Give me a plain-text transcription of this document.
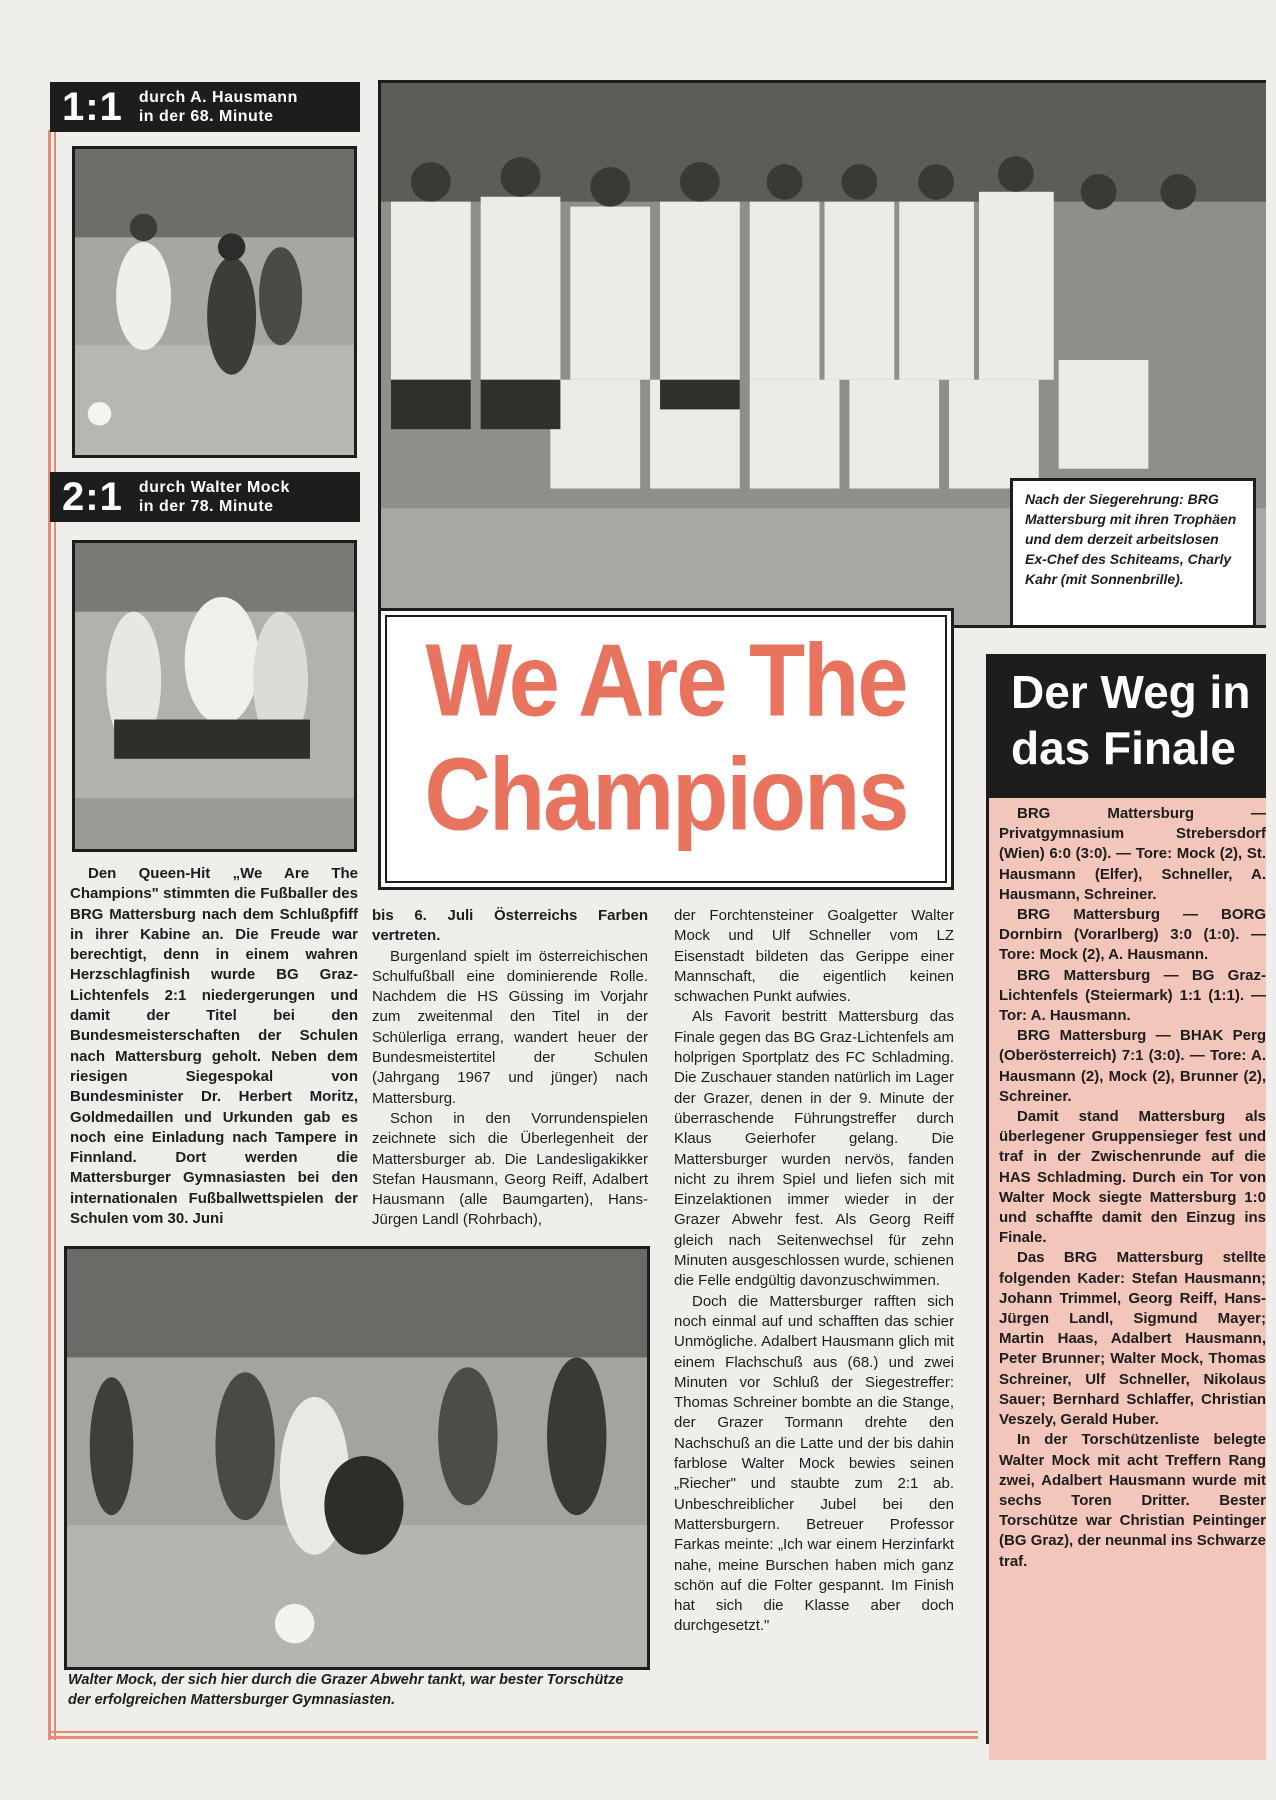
1:1	durch A. Hausmann
in der 68. Minute
2:1	durch Walter Mock
in der 78. Minute	Nach der Siegerehrung: BRG Mattersburg mit ihren Trophäen und dem derzeit arbeitslosen Ex-Chef des Schiteams, Charly Kahr (mit Sonnenbrille).
We Are The
Champions
Der Weg in
das Finale

BRG Mattersburg — Privatgymnasium Strebersdorf (Wien) 6:0 (3:0). — Tore: Mock (2), St. Hausmann (Elfer), Schneller, A. Hausmann, Schreiner.

BRG Mattersburg — BORG Dornbirn (Vorarlberg) 3:0 (1:0). — Tore: Mock (2), A. Hausmann.

BRG Mattersburg — BG Graz-Lichtenfels (Steiermark) 1:1 (1:1). — Tor: A. Hausmann.

BRG Mattersburg — BHAK Perg (Oberösterreich) 7:1 (3:0). — Tore: A. Hausmann (2), Mock (2), Brunner (2), Schreiner.

Damit stand Mattersburg als überlegener Gruppensieger fest und traf in der Zwischenrunde auf die HAS Schladming. Durch ein Tor von Walter Mock siegte Mattersburg 1:0 und schaffte damit den Einzug ins Finale.

Das BRG Mattersburg stellte folgenden Kader: Stefan Hausmann; Johann Trimmel, Georg Reiff, Hans-Jürgen Landl, Sigmund Mayer; Martin Haas, Adalbert Hausmann, Peter Brunner; Walter Mock, Thomas Schreiner, Ulf Schneller, Nikolaus Sauer; Bernhard Schlaffer, Christian Veszely, Gerald Huber.

In der Torschützenliste belegte Walter Mock mit acht Treffern Rang zwei, Adalbert Hausmann wurde mit sechs Toren Dritter. Bester Torschütze war Christian Peintinger (BG Graz), der neunmal ins Schwarze traf.

Den Queen-Hit „We Are The Champions" stimmten die Fußballer des BRG Mattersburg nach dem Schlußpfiff in ihrer Kabine an. Die Freude war berechtigt, denn in einem wahren Herzschlagfinish wurde BG Graz-Lichtenfels 2:1 niedergerungen und damit der Titel bei den Bundesmeisterschaften der Schulen nach Mattersburg geholt. Neben dem riesigen Siegespokal von Bundesminister Dr. Herbert Moritz, Goldmedaillen und Urkunden gab es noch eine Einladung nach Tampere in Finnland. Dort werden die Mattersburger Gymnasiasten bei den internationalen Fußballwettspielen der Schulen vom 30. Juni

bis 6. Juli Österreichs Farben vertreten.

Burgenland spielt im österreichischen Schulfußball eine dominierende Rolle. Nachdem die HS Güssing im Vorjahr zum zweitenmal den Titel in der Schülerliga errang, wandert heuer der Bundesmeistertitel der Schulen (Jahrgang 1967 und jünger) nach Mattersburg.

Schon in den Vorrundenspielen zeichnete sich die Überlegenheit der Mattersburger ab. Die Landesligakikker Stefan Hausmann, Georg Reiff, Adalbert Hausmann (alle Baumgarten), Hans-Jürgen Landl (Rohrbach),

der Forchtensteiner Goalgetter Walter Mock und Ulf Schneller vom LZ Eisenstadt bildeten das Gerippe einer Mannschaft, die eigentlich keinen schwachen Punkt aufwies.

Als Favorit bestritt Mattersburg das Finale gegen das BG Graz-Lichtenfels am holprigen Sportplatz des FC Schladming. Die Zuschauer standen natürlich im Lager der Grazer, denen in der 9. Minute der überraschende Führungstreffer durch Klaus Geierhofer gelang. Die Mattersburger wurden nervös, fanden nicht zu ihrem Spiel und liefen sich mit Einzelaktionen immer wieder in der Grazer Abwehr fest. Als Georg Reiff gleich nach Seitenwechsel für zehn Minuten ausgeschlossen wurde, schienen die Felle endgültig davonzuschwimmen.

Doch die Mattersburger rafften sich noch einmal auf und schafften das schier Unmögliche. Adalbert Hausmann glich mit einem Flachschuß aus (68.) und zwei Minuten vor Schluß der Siegestreffer: Thomas Schreiner bombte an die Stange, der Grazer Tormann drehte den Nachschuß an die Latte und der bis dahin farblose Walter Mock bewies seinen „Riecher" und staubte zum 2:1 ab. Unbeschreiblicher Jubel bei den Mattersburgern. Betreuer Professor Farkas meinte: „Ich war einem Herzinfarkt nahe, meine Burschen haben mich ganz schön auf die Folter gespannt. Im Finish hat sich die Klasse aber doch durchgesetzt."

Walter Mock, der sich hier durch die Grazer Abwehr tankt, war bester Torschütze der erfolgreichen Mattersburger Gymnasiasten.
